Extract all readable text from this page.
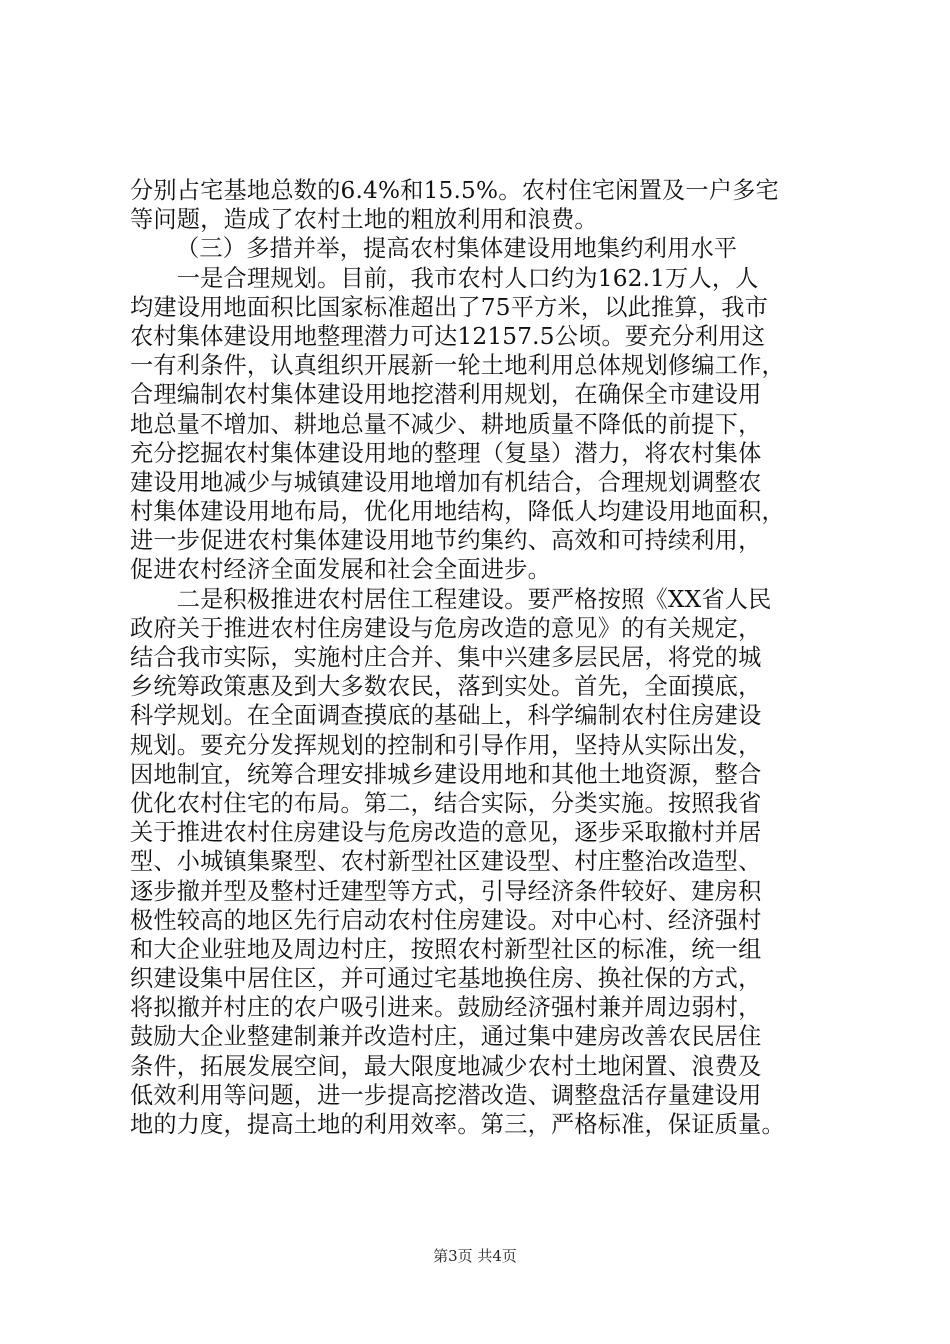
分别占宅基地总数的6.4%和15.5%。农村住宅闲置及一户多宅
等问题，造成了农村土地的粗放利用和浪费。
（三）多措并举，提高农村集体建设用地集约利用水平
　　一是合理规划。目前，我市农村人口约为162.1万人，人
均建设用地面积比国家标准超出了75平方米，以此推算，我市
农村集体建设用地整理潜力可达12157.5公顷。要充分利用这
一有利条件，认真组织开展新一轮土地利用总体规划修编工作，
合理编制农村集体建设用地挖潜利用规划，在确保全市建设用
地总量不增加、耕地总量不减少、耕地质量不降低的前提下，
充分挖掘农村集体建设用地的整理（复垦）潜力，将农村集体
建设用地减少与城镇建设用地增加有机结合，合理规划调整农
村集体建设用地布局，优化用地结构，降低人均建设用地面积，
进一步促进农村集体建设用地节约集约、高效和可持续利用，
促进农村经济全面发展和社会全面进步。
　　二是积极推进农村居住工程建设。要严格按照《XX省人民
政府关于推进农村住房建设与危房改造的意见》的有关规定，
结合我市实际，实施村庄合并、集中兴建多层民居，将党的城
乡统筹政策惠及到大多数农民，落到实处。首先，全面摸底，
科学规划。在全面调查摸底的基础上，科学编制农村住房建设
规划。要充分发挥规划的控制和引导作用，坚持从实际出发，
因地制宜，统筹合理安排城乡建设用地和其他土地资源，整合
优化农村住宅的布局。第二，结合实际，分类实施。按照我省
关于推进农村住房建设与危房改造的意见，逐步采取撤村并居
型、小城镇集聚型、农村新型社区建设型、村庄整治改造型、
逐步撤并型及整村迁建型等方式，引导经济条件较好、建房积
极性较高的地区先行启动农村住房建设。对中心村、经济强村
和大企业驻地及周边村庄，按照农村新型社区的标准，统一组
织建设集中居住区，并可通过宅基地换住房、换社保的方式，
将拟撤并村庄的农户吸引进来。鼓励经济强村兼并周边弱村，
鼓励大企业整建制兼并改造村庄，通过集中建房改善农民居住
条件，拓展发展空间，最大限度地减少农村土地闲置、浪费及
低效利用等问题，进一步提高挖潜改造、调整盘活存量建设用
地的力度，提高土地的利用效率。第三，严格标准，保证质量。
第3页 共4页
